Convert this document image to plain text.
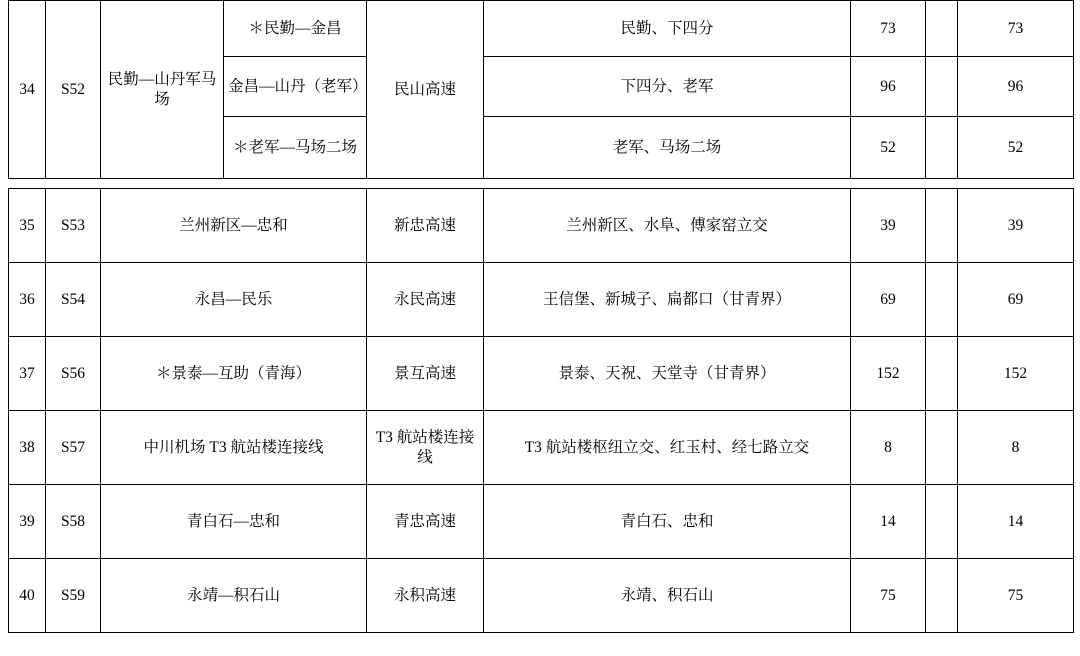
34	S52	民勤—山丹军马场	＊民勤—金昌	民山高速	民勤、下四分	73		73
			金昌—山丹（老军）		下四分、老军	96		96
			＊老军—马场二场		老军、马场二场	52		52

35	S53	兰州新区—忠和		新忠高速	兰州新区、水阜、傅家窑立交	39		39
36	S54	永昌—民乐		永民高速	王信堡、新城子、扁都口（甘青界）	69		69
37	S56	＊景泰—互助（青海）		景互高速	景泰、天祝、天堂寺（甘青界）	152		152
38	S57	中川机场 T3 航站楼连接线		T3 航站楼连接线	T3 航站楼枢纽立交、红玉村、经七路立交	8		8
39	S58	青白石—忠和		青忠高速	青白石、忠和	14		14
40	S59	永靖—积石山		永积高速	永靖、积石山	75		75
